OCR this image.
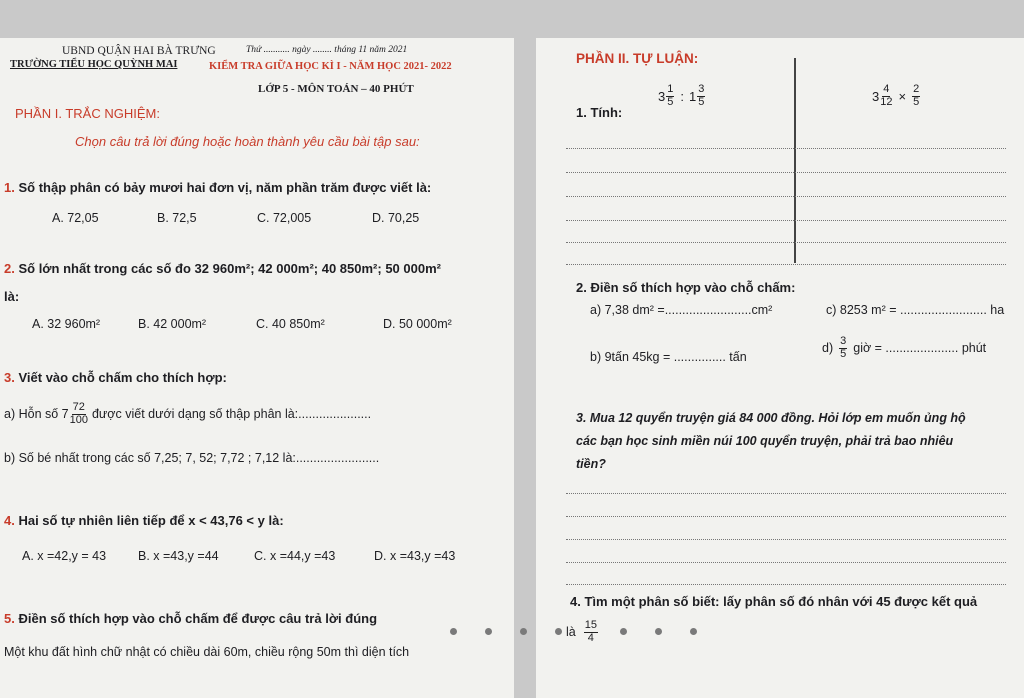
UBND QUẬN HAI BÀ TRƯNG
TRƯỜNG TIỂU HỌC QUỲNH MAI
Thứ ........... ngày ........ tháng 11 năm 2021
KIỂM TRA GIỮA HỌC KÌ I - NĂM HỌC 2021- 2022
LỚP 5 - MÔN TOÁN – 40 PHÚT
PHẦN I. TRẮC NGHIỆM:
Chọn câu trả lời đúng hoặc hoàn thành yêu cầu bài tập sau:
1. Số thập phân có bảy mươi hai đơn vị, năm phần trăm được viết là:
A. 72,05	B. 72,5	C. 72,005	D. 70,25
2. Số lớn nhất trong các số đo 32 960m²; 42 000m²; 40 850m²; 50 000m²
là:
A. 32 960m²	B. 42 000m²	C. 40 850m²	D. 50 000m²
3. Viết vào chỗ chấm cho thích hợp:
a) Hỗn số $7 \frac{72}{100}$ được viết dưới dạng số thập phân là:.....................
b) Số bé nhất trong các số 7,25; 7, 52; 7,72 ; 7,12 là:........................
4. Hai số tự nhiên liên tiếp để x < 43,76 < y là:
A. x =42,y = 43	B. x =43,y =44	C. x =44,y =43	D. x =43,y =43
5. Điền số thích hợp vào chỗ chấm để được câu trả lời đúng
Một khu đất hình chữ nhật có chiều dài 60m, chiều rộng 50m thì diện tích
PHẦN II. TỰ LUẬN:
1. Tính:
$3 \frac{1}{5}$ : $1 \frac{3}{5}$	$3 \frac{4}{12} \times \frac{2}{5}$
2. Điền số thích hợp vào chỗ chấm:
a) 7,38 dm² =.........................cm²	c) 8253 m² = ......................... ha
b) 9tấn 45kg = ............... tấn
$d) \frac{3}{5}$ giờ = ..................... phút
3. Mua 12 quyển truyện giá 84 000 đồng. Hỏi lớp em muốn ủng hộ
các bạn học sinh miền núi 100 quyển truyện, phải trả bao nhiêu
tiền?
4. Tìm một phân số biết: lấy phân số đó nhân với 45 được kết quả
là $\frac{15}{4}$
